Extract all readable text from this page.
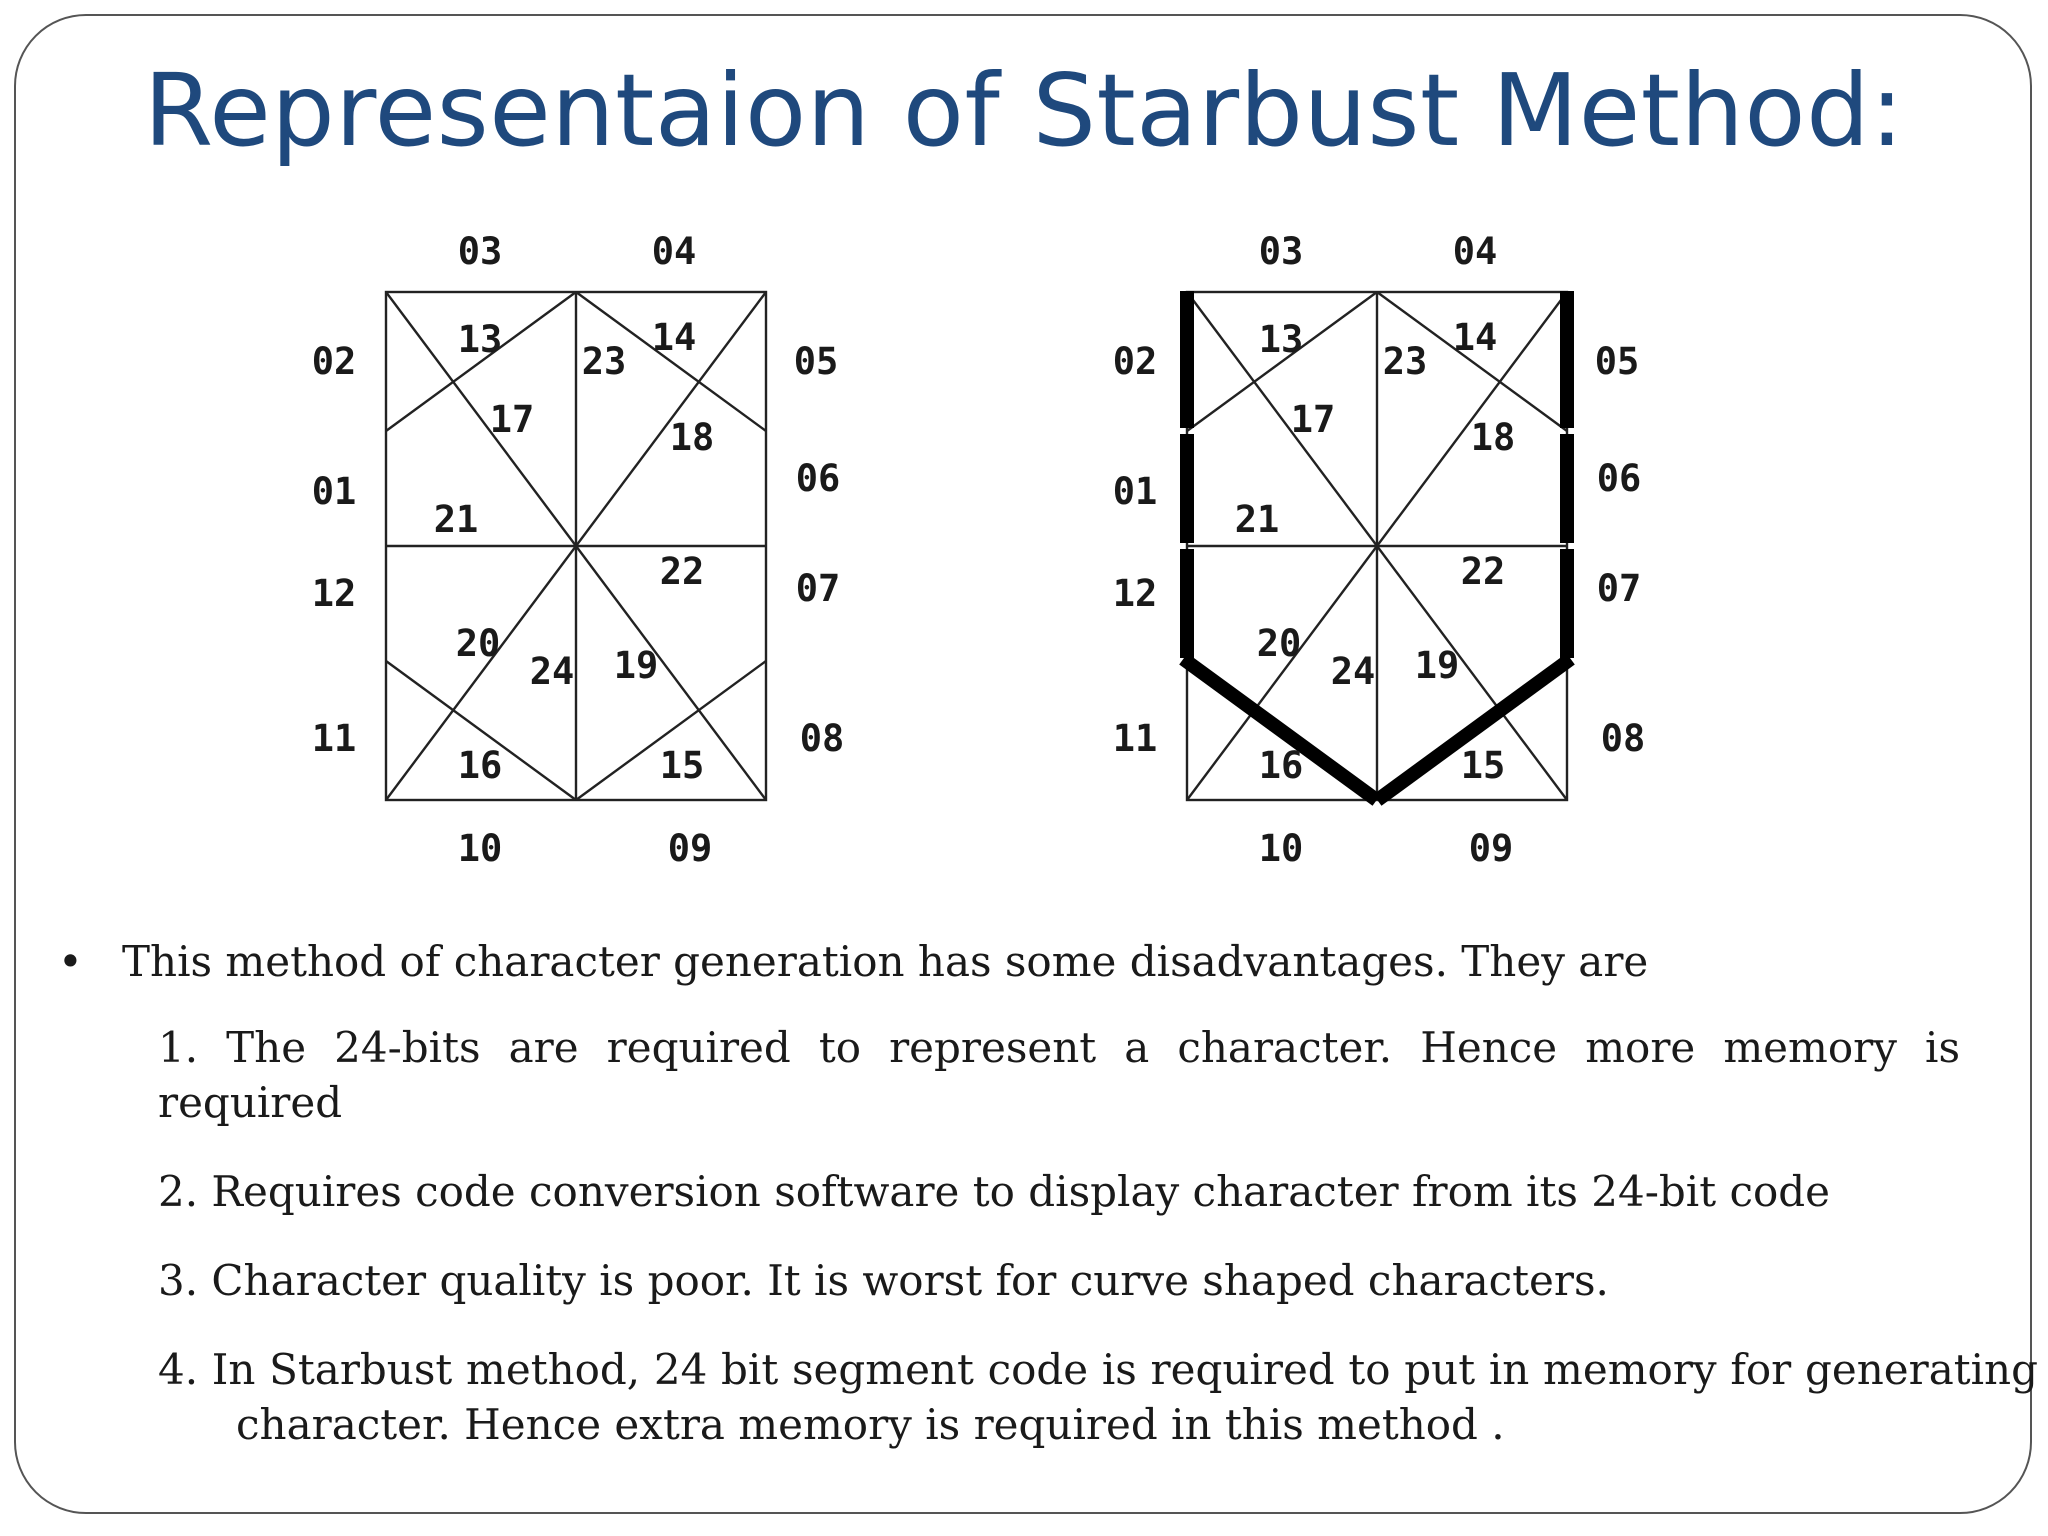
Representaion of Starbust Method:
03	04
02
01
12
11
05
06
07
08
10	09
13	14
23
17	18
21
22
20
24 19
16	15
03	04
02
01
12
11
05
06
07
08
10	09
13	14
23
17	18
21
22
20
24 19
16	15
• This method of character generation has some disadvantages. They are
1. The 24-bits are required to represent a character. Hence more memory is required
2. Requires code conversion software to display character from its 24-bit code
3. Character quality is poor. It is worst for curve shaped characters.
4. In Starbust method, 24 bit segment code is required to put in memory for generating character. Hence extra memory is required in this method .
